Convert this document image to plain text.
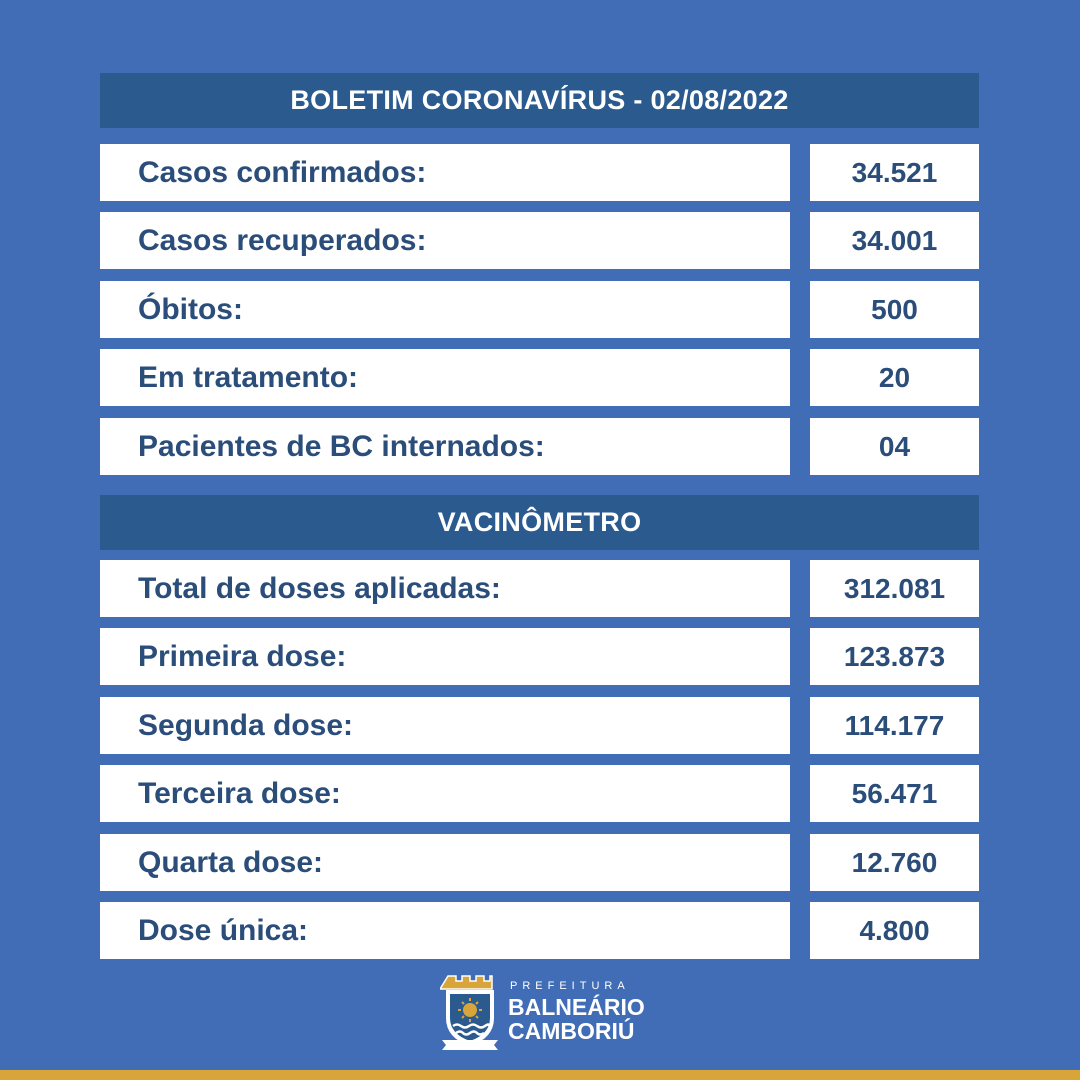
BOLETIM CORONAVÍRUS - 02/08/2022
Casos confirmados:	34.521
Casos recuperados:	34.001
Óbitos:	500
Em tratamento:	20
Pacientes de BC internados:	04
VACINÔMETRO
Total de doses aplicadas:	312.081
Primeira dose:	123.873
Segunda dose:	114.177
Terceira dose:	56.471
Quarta dose:	12.760
Dose única:	4.800
PREFEITURA
BALNEÁRIO
CAMBORIÚ
